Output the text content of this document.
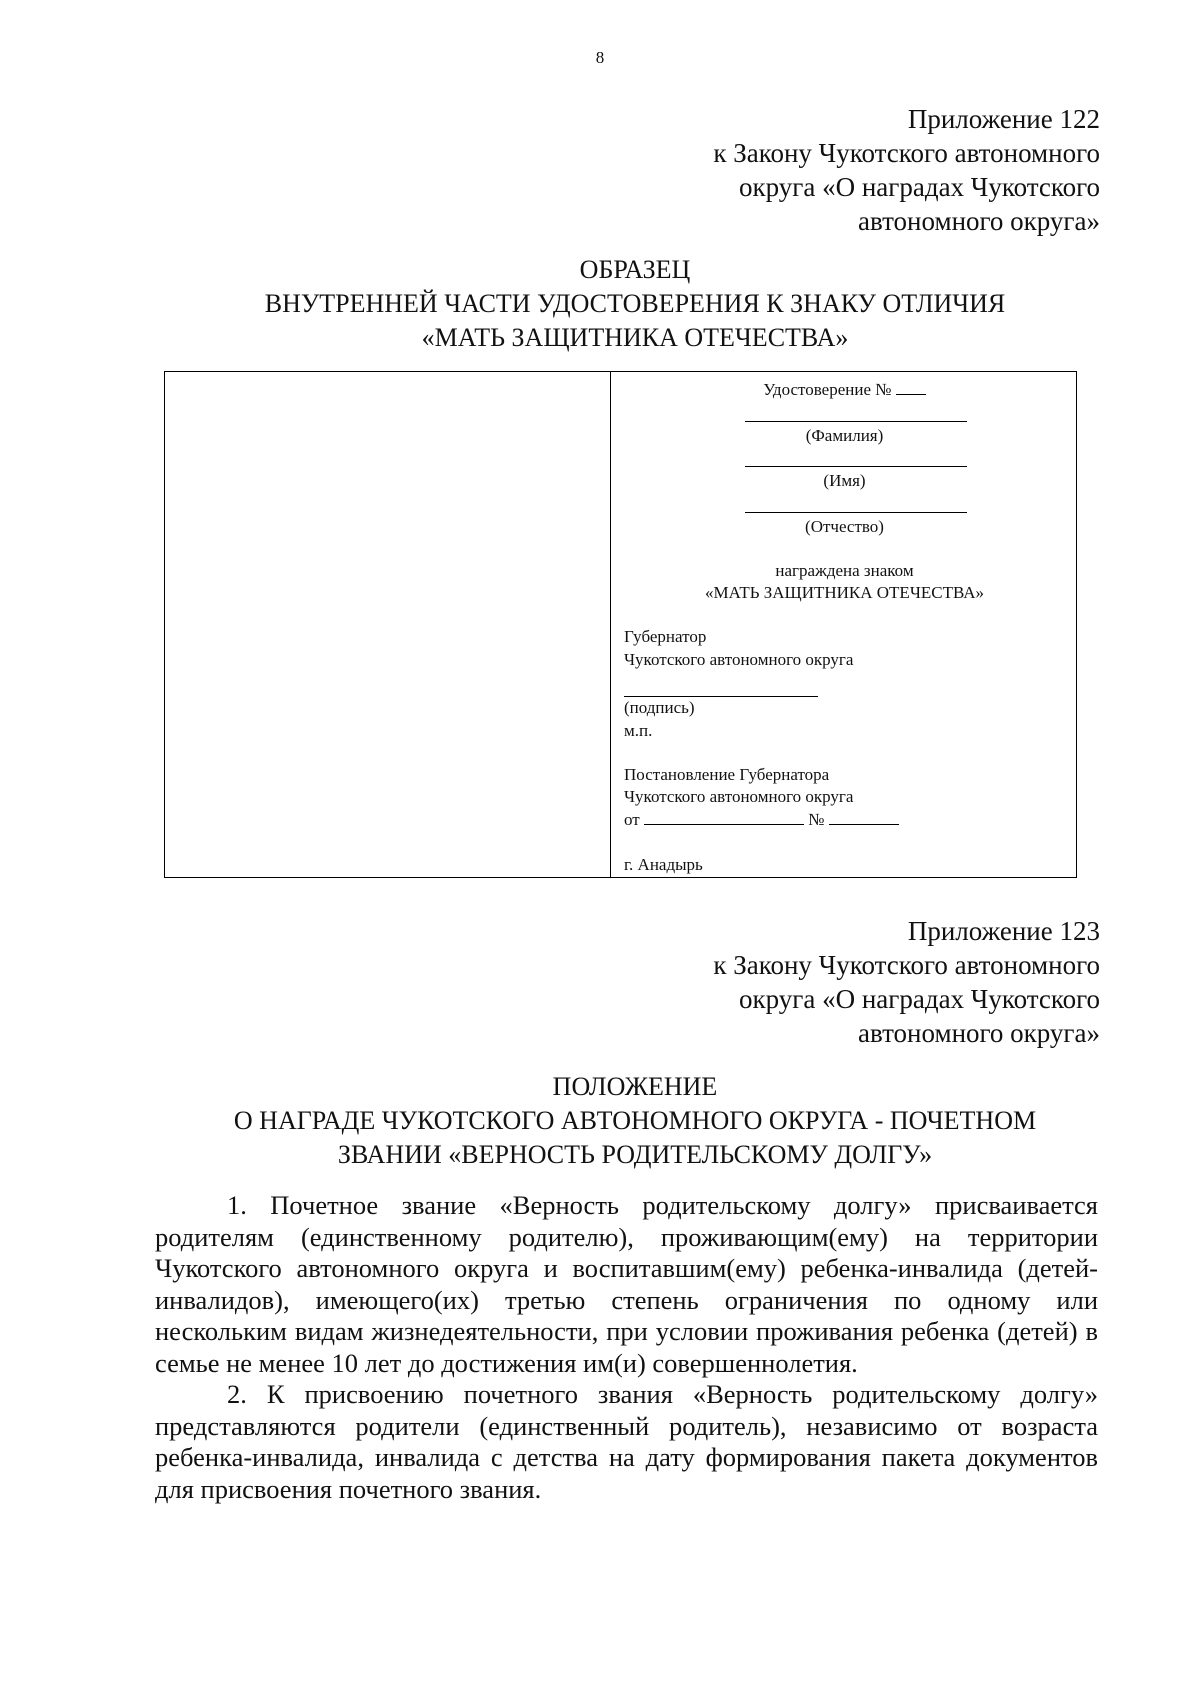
8
Приложение 122
к Закону Чукотского автономного
округа «О наградах Чукотского
автономного округа»
ОБРАЗЕЦ
ВНУТРЕННЕЙ ЧАСТИ УДОСТОВЕРЕНИЯ К ЗНАКУ ОТЛИЧИЯ
«МАТЬ ЗАЩИТНИКА ОТЕЧЕСТВА»
Удостоверение №
(Фамилия)
(Имя)
(Отчество)
награждена знаком
«МАТЬ ЗАЩИТНИКА ОТЕЧЕСТВА»
Губернатор
Чукотского автономного округа
(подпись)
м.п.
Постановление Губернатора
Чукотского автономного округа
от	№
г. Анадырь
Приложение 123
к Закону Чукотского автономного
округа «О наградах Чукотского
автономного округа»
ПОЛОЖЕНИЕ
О НАГРАДЕ ЧУКОТСКОГО АВТОНОМНОГО ОКРУГА - ПОЧЕТНОМ
ЗВАНИИ «ВЕРНОСТЬ РОДИТЕЛЬСКОМУ ДОЛГУ»

1. Почетное звание «Верность родительскому долгу» присваивается родителям (единственному родителю), проживающим(ему) на территории Чукотского автономного округа и воспитавшим(ему) ребенка-инвалида (детей-инвалидов), имеющего(их) третью степень ограничения по одному или нескольким видам жизнедеятельности, при условии проживания ребенка (детей) в семье не менее 10 лет до достижения им(и) совершеннолетия.

2. К присвоению почетного звания «Верность родительскому долгу» представляются родители (единственный родитель), независимо от возраста ребенка-инвалида, инвалида с детства на дату формирования пакета документов для присвоения почетного звания.
